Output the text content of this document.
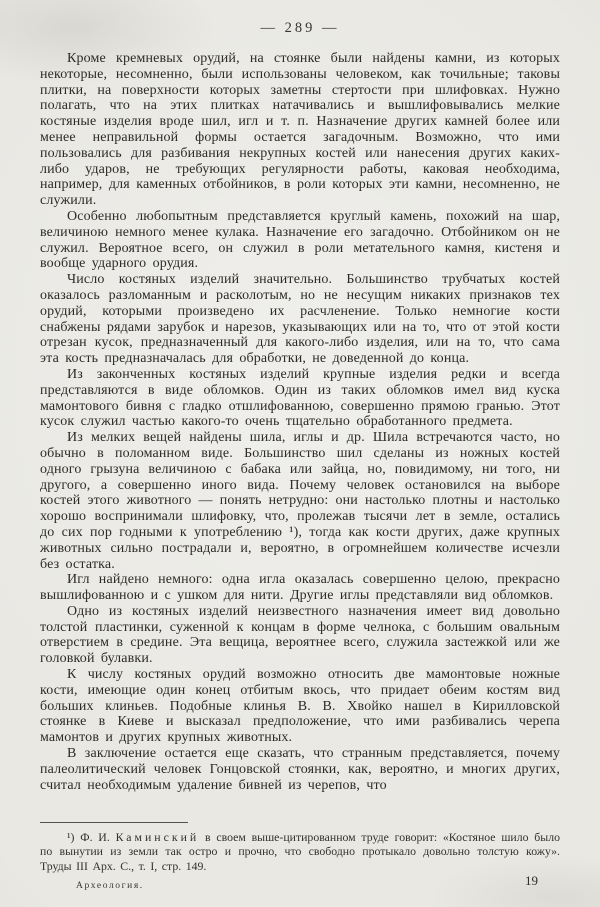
— 289 —

Кроме кремневых орудий, на стоянке были найдены камни, из которых некоторые, несомненно, были использованы человеком, как точильные; таковы плитки, на поверхности которых заметны стертости при шлифовках. Нужно полагать, что на этих плитках натачивались и вышлифовывались мелкие костяные изделия вроде шил, игл и т. п. Назначение других камней более или менее неправильной формы остается загадочным. Возможно, что ими пользовались для разбивания некрупных костей или нанесения других каких-либо ударов, не требующих регулярности работы, каковая необходима, например, для каменных отбойников, в роли которых эти камни, несомненно, не служили.

Особенно любопытным представляется круглый камень, похожий на шар, величиною немного менее кулака. Назначение его загадочно. Отбойником он не служил. Вероятное всего, он служил в роли метательного камня, кистеня и вообще ударного орудия.

Число костяных изделий значительно. Большинство трубчатых костей оказалось разломанным и расколотым, но не несущим никаких признаков тех орудий, которыми произведено их расчленение. Только немногие кости снабжены рядами зарубок и нарезов, указывающих или на то, что от этой кости отрезан кусок, предназначенный для какого-либо изделия, или на то, что сама эта кость предназначалась для обработки, не доведенной до конца.

Из законченных костяных изделий крупные изделия редки и всегда представляются в виде обломков. Один из таких обломков имел вид куска мамонтового бивня с гладко отшлифованною, совершенно прямою гранью. Этот кусок служил частью какого-то очень тщательно обработанного предмета.

Из мелких вещей найдены шила, иглы и др. Шила встречаются часто, но обычно в поломанном виде. Большинство шил сделаны из ножных костей одного грызуна величиною с бабака или зайца, но, повидимому, ни того, ни другого, а совершенно иного вида. Почему человек остановился на выборе костей этого животного — понять нетрудно: они настолько плотны и настолько хорошо воспринимали шлифовку, что, пролежав тысячи лет в земле, остались до сих пор годными к употреблению ¹), тогда как кости других, даже крупных животных сильно пострадали и, вероятно, в огромнейшем количестве исчезли без остатка.

Игл найдено немного: одна игла оказалась совершенно целою, прекрасно вышлифованною и с ушком для нити. Другие иглы представляли вид обломков.

Одно из костяных изделий неизвестного назначения имеет вид довольно толстой пластинки, суженной к концам в форме челнока, с большим овальным отверстием в средине. Эта вещица, вероятнее всего, служила застежкой или же головкой булавки.

К числу костяных орудий возможно относить две мамонтовые ножные кости, имеющие один конец отбитым вкось, что придает обеим костям вид больших клиньев. Подобные клинья В. В. Хвойко нашел в Кирилловской стоянке в Киеве и высказал предположение, что ими разбивались черепа мамонтов и других крупных животных.

В заключение остается еще сказать, что странным представляется, почему палеолитический человек Гонцовской стоянки, как, вероятно, и многих других, считал необходимым удаление бивней из черепов, что

¹) Ф. И. Каминский в своем выше-цитированном труде говорит: «Костяное шило было по вынутии из земли так остро и прочно, что свободно протыкало довольно толстую кожу». Труды III Арх. С., т. I, стр. 149.
Археология.	19
